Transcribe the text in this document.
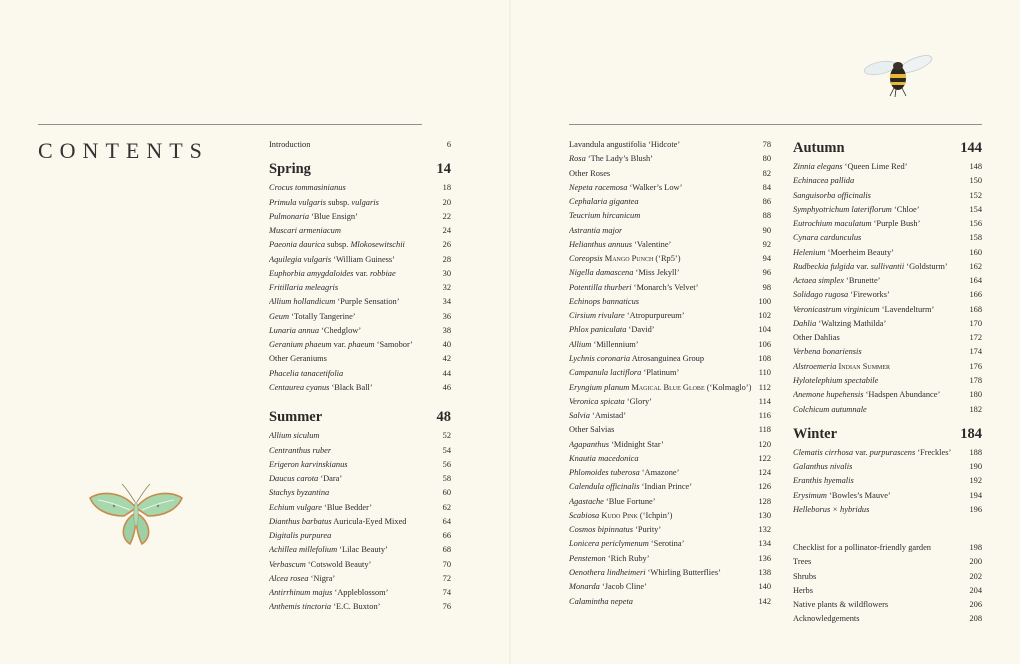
CONTENTS	Introduction	6
Spring	14
Crocus tommasinianus	18
Primula vulgaris subsp. vulgaris	20
Pulmonaria ‘Blue Ensign’	22
Muscari armeniacum	24
Paeonia daurica subsp. Mlokosewitschii	26
Aquilegia vulgaris ‘William Guiness’	28
Euphorbia amygdaloides var. robbiae	30
Fritillaria meleagris	32
Allium hollandicum ‘Purple Sensation’	34
Geum ‘Totally Tangerine’	36
Lunaria annua ‘Chedglow’	38
Geranium phaeum var. phaeum ‘Samobor’	40
Other Geraniums	42
Phacelia tanacetifolia	44
Centaurea cyanus ‘Black Ball’	46
Summer	48
Allium siculum	52
Centranthus ruber	54
Erigeron karvinskianus	56
Daucus carota ‘Dara’	58
Stachys byzantina	60
Echium vulgare ‘Blue Bedder’	62
Dianthus barbatus Auricula-Eyed Mixed	64
Digitalis purpurea	66
Achillea millefolium ‘Lilac Beauty’	68
Verbascum ‘Cotswold Beauty’	70
Alcea rosea ‘Nigra’	72
Antirrhinum majus ‘Appleblossom’	74
Anthemis tinctoria ‘E.C. Buxton’	76
Lavandula angustifolia ‘Hidcote’	78
Rosa ‘The Lady’s Blush’	80
Other Roses	82
Nepeta racemosa ‘Walker’s Low’	84
Cephalaria gigantea	86
Teucrium hircanicum	88
Astrantia major	90
Helianthus annuus ‘Valentine’	92
Coreopsis Mango Punch (‘Rp5’)	94
Nigella damascena ‘Miss Jekyll’	96
Potentilla thurberi ‘Monarch’s Velvet’	98
Echinops bannaticus	100
Cirsium rivulare ‘Atropurpureum’	102
Phlox paniculata ‘David’	104
Allium ‘Millennium’	106
Lychnis coronaria Atrosanguinea Group	108
Campanula lactiflora ‘Platinum’	110
Eryngium planum Magical Blue Globe (‘Kolmaglo’) 112
Veronica spicata ‘Glory’	114
Salvia ‘Amistad’	116
Other Salvias	118
Agapanthus ‘Midnight Star’	120
Knautia macedonica	122
Phlomoides tuberosa ‘Amazone’	124
Calendula officinalis ‘Indian Prince’	126
Agastache ‘Blue Fortune’	128
Scabiosa Kudo Pink (‘Ichpin’)	130
Cosmos bipinnatus ‘Purity’	132
Lonicera periclymenum ‘Serotina’	134
Penstemon ‘Rich Ruby’	136
Oenothera lindheimeri ‘Whirling Butterflies’	138
Monarda ‘Jacob Cline’	140
Calamintha nepeta	142
Autumn	144
Zinnia elegans ‘Queen Lime Red’	148
Echinacea pallida	150
Sanguisorba officinalis	152
Symphyotrichum lateriflorum ‘Chloe’	154
Eutrochium maculatum ‘Purple Bush’	156
Cynara cardunculus	158
Helenium ‘Moerheim Beauty’	160
Rudbeckia fulgida var. sullivantii ‘Goldsturm’	162
Actaea simplex ‘Brunette’	164
Solidago rugosa ‘Fireworks’	166
Veronicastrum virginicum ‘Lavendelturm’	168
Dahlia ‘Waltzing Mathilda’	170
Other Dahlias	172
Verbena bonariensis	174
Alstroemeria Indian Summer	176
Hylotelephium spectabile	178
Anemone hupehensis ‘Hadspen Abundance’	180
Colchicum autumnale	182
Winter	184
Clematis cirrhosa var. purpurascens ‘Freckles’	188
Galanthus nivalis	190
Eranthis hyemalis	192
Erysimum ‘Bowles’s Mauve’	194
Helleborus × hybridus	196
Checklist for a pollinator-friendly garden	198
Trees	200
Shrubs	202
Herbs	204
Native plants & wildflowers	206
Acknowledgements	208
